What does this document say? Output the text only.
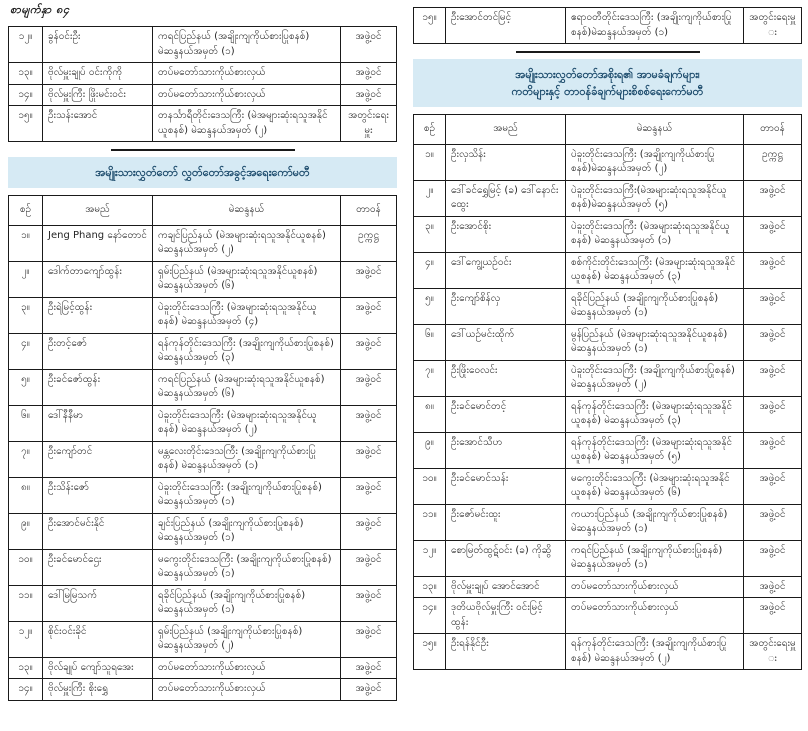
စာမျက်နှာ ၈၄
၁၂။	ခွန်ဝင်းဦး	ကရင်ပြည်နယ် (အချိုးကျကိုယ်စားပြုစနစ်) မဲဆန္ဒနယ်အမှတ် (၁)	အဖွဲ့ဝင်
၁၃။	ဗိုလ်မှူးချုပ် ဝင်းကိုကို	တပ်မတော်သားကိုယ်စားလှယ်	အဖွဲ့ဝင်
၁၄။	ဗိုလ်မှူးကြီး ဖြိုးမင်းဝင်း	တပ်မတော်သားကိုယ်စားလှယ်	အဖွဲ့ဝင်
၁၅။	ဦးသန်းအောင်	တနင်္သာရီတိုင်းဒေသကြီး (မဲအများဆုံးရသူအနိုင်ယူစနစ်) မဲဆန္ဒနယ်အမှတ် (၂)	အတွင်းရေးမှူး
အမျိုးသားလွှတ်တော် လွှတ်တော်အခွင့်အရေးကော်မတီ
စဉ်	အမည်	မဲဆန္ဒနယ်	တာဝန်
၁။	Jeng Phang နော်တောင်	ကချင်ပြည်နယ် (မဲအများဆုံးရသူအနိုင်ယူစနစ်) မဲဆန္ဒနယ်အမှတ် (၂)	ဥက္ကဋ္ဌ
၂။	ဒေါက်တာကျော်ထွန်း	ရှမ်းပြည်နယ် (မဲအများဆုံးရသူအနိုင်ယူစနစ်) မဲဆန္ဒနယ်အမှတ် (၆)	အဖွဲ့ဝင်
၃။	ဦးရဲမြင့်ထွန်း	ပဲခူးတိုင်းဒေသကြီး (မဲအများဆုံးရသူအနိုင်ယူစနစ်) မဲဆန္ဒနယ်အမှတ် (၄)	အဖွဲ့ဝင်
၄။	ဦးတင့်ဇော်	ရန်ကုန်တိုင်းဒေသကြီး (အချိုးကျကိုယ်စားပြုစနစ်) မဲဆန္ဒနယ်အမှတ် (၃)	အဖွဲ့ဝင်
၅။	ဦးခင်ဇော်ထွန်း	ကရင်ပြည်နယ် (မဲအများဆုံးရသူအနိုင်ယူစနစ်) မဲဆန္ဒနယ်အမှတ် (၆)	အဖွဲ့ဝင်
၆။	ဒေါ်နီနီမာ	ပဲခူးတိုင်းဒေသကြီး (မဲအများဆုံးရသူအနိုင်ယူစနစ်) မဲဆန္ဒနယ်အမှတ် (၂)	အဖွဲ့ဝင်
၇။	ဦးကျော်တင်	မန္တလေးတိုင်းဒေသကြီး (အချိုးကျကိုယ်စားပြုစနစ်) မဲဆန္ဒနယ်အမှတ် (၁)	အဖွဲ့ဝင်
၈။	ဦးသိန်းဇော်	ပဲခူးတိုင်းဒေသကြီး (အချိုးကျကိုယ်စားပြုစနစ်) မဲဆန္ဒနယ်အမှတ် (၁)	အဖွဲ့ဝင်
၉။	ဦးအောင်မင်းနိုင်	ချင်းပြည်နယ် (အချိုးကျကိုယ်စားပြုစနစ်) မဲဆန္ဒနယ်အမှတ် (၁)	အဖွဲ့ဝင်
၁၀။	ဦးခင်မောင်ဌေး	မကွေးတိုင်းဒေသကြီး (အချိုးကျကိုယ်စားပြုစနစ်) မဲဆန္ဒနယ်အမှတ် (၁)	အဖွဲ့ဝင်
၁၁။	ဒေါ်မြမြသက်	ရခိုင်ပြည်နယ် (အချိုးကျကိုယ်စားပြုစနစ်) မဲဆန္ဒနယ်အမှတ် (၁)	အဖွဲ့ဝင်
၁၂။	စိုင်းဝင်းခိုင်	ရှမ်းပြည်နယ် (အချိုးကျကိုယ်စားပြုစနစ်) မဲဆန္ဒနယ်အမှတ် (၂)	အဖွဲ့ဝင်
၁၃။	ဗိုလ်ချုပ် ကျော်သူရအေး	တပ်မတော်သားကိုယ်စားလှယ်	အဖွဲ့ဝင်
၁၄။	ဗိုလ်မှူးကြီး စိုးရွှေ	တပ်မတော်သားကိုယ်စားလှယ်	အဖွဲ့ဝင်
၁၅။	ဦးအောင်တင်မြင့်	ဧရာဝတီတိုင်းဒေသကြီး (အချိုးကျကိုယ်စားပြုစနစ်)မဲဆန္ဒနယ်အမှတ် (၁)	အတွင်းရေးမှူး
အမျိုးသားလွှတ်တော်အစိုးရ၏ အာမခံချက်များ၊
ကတိများနှင့် တာဝန်ခံချက်များစိစစ်ရေးကော်မတီ
စဉ်	အမည်	မဲဆန္ဒနယ်	တာဝန်
၁။	ဦးလှသိန်း	ပဲခူးတိုင်းဒေသကြီး (အချိုးကျကိုယ်စားပြုစနစ်)မဲဆန္ဒနယ်အမှတ် (၂)	ဥက္ကဋ္ဌ
၂။	ဒေါ်ခင်ရွှေမြင့် (ခ) ဒေါ်နောင်းထွေး	ပဲခူးတိုင်းဒေသကြီး(မဲအများဆုံးရသူအနိုင်ယူစနစ်)မဲဆန္ဒနယ်အမှတ် (၅)	အဖွဲ့ဝင်
၃။	ဦးအောင်စိုး	ပဲခူးတိုင်းဒေသကြီး (မဲအများဆုံးရသူအနိုင်ယူစနစ်) မဲဆန္ဒနယ်အမှတ် (၁)	အဖွဲ့ဝင်
၄။	ဒေါ်ကျွေ့ယဉ်ဝင်း	စစ်ကိုင်းတိုင်းဒေသကြီး (မဲအများဆုံးရသူအနိုင်ယူစနစ်) မဲဆန္ဒနယ်အမှတ် (၃)	အဖွဲ့ဝင်
၅။	ဦးကျော်စိန်လှ	ရခိုင်ပြည်နယ် (အချိုးကျကိုယ်စားပြုစနစ်) မဲဆန္ဒနယ်အမှတ် (၁)	အဖွဲ့ဝင်
၆။	ဒေါ်ယဉ်မင်းထိုက်	မွန်ပြည်နယ် (မဲအများဆုံးရသူအနိုင်ယူစနစ်) မဲဆန္ဒနယ်အမှတ် (၁)	အဖွဲ့ဝင်
၇။	ဦးဖြိုးဝေလင်း	ပဲခူးတိုင်းဒေသကြီး (အချိုးကျကိုယ်စားပြုစနစ်) မဲဆန္ဒနယ်အမှတ် (၂)	အဖွဲ့ဝင်
၈။	ဦးခင်မောင်တင့်	ရန်ကုန်တိုင်းဒေသကြီး (မဲအများဆုံးရသူအနိုင်ယူစနစ်) မဲဆန္ဒနယ်အမှတ် (၃)	အဖွဲ့ဝင်
၉။	ဦးအောင်သီဟ	ရန်ကုန်တိုင်းဒေသကြီး (မဲအများဆုံးရသူအနိုင်ယူစနစ်) မဲဆန္ဒနယ်အမှတ် (၅)	အဖွဲ့ဝင်
၁၀။	ဦးခင်မောင်သန်း	မကွေးတိုင်းဒေသကြီး (မဲအများဆုံးရသူအနိုင်ယူစနစ်) မဲဆန္ဒနယ်အမှတ် (၆)	အဖွဲ့ဝင်
၁၁။	ဦးဇော်မင်းထူး	ကယားပြည်နယ် (အချိုးကျကိုယ်စားပြုစနစ်) မဲဆန္ဒနယ်အမှတ် (၁)	အဖွဲ့ဝင်
၁၂။	စောမြတ်ထွဋ်ဝင်း (ခ) ကိုဆွိ	ကရင်ပြည်နယ် (အချိုးကျကိုယ်စားပြုစနစ်) မဲဆန္ဒနယ်အမှတ် (၁)	အဖွဲ့ဝင်
၁၃။	ဗိုလ်မှူးချုပ် အောင်အောင်	တပ်မတော်သားကိုယ်စားလှယ်	အဖွဲ့ဝင်
၁၄။	ဒုတိယဗိုလ်မှူးကြီး ဝင်းမြင့်ထွန်း	တပ်မတော်သားကိုယ်စားလှယ်	အဖွဲ့ဝင်
၁၅။	ဦးရန်နိုင်ဦး	ရန်ကုန်တိုင်းဒေသကြီး (အချိုးကျကိုယ်စားပြုစနစ်) မဲဆန္ဒနယ်အမှတ် (၂)	အတွင်းရေးမှူး
